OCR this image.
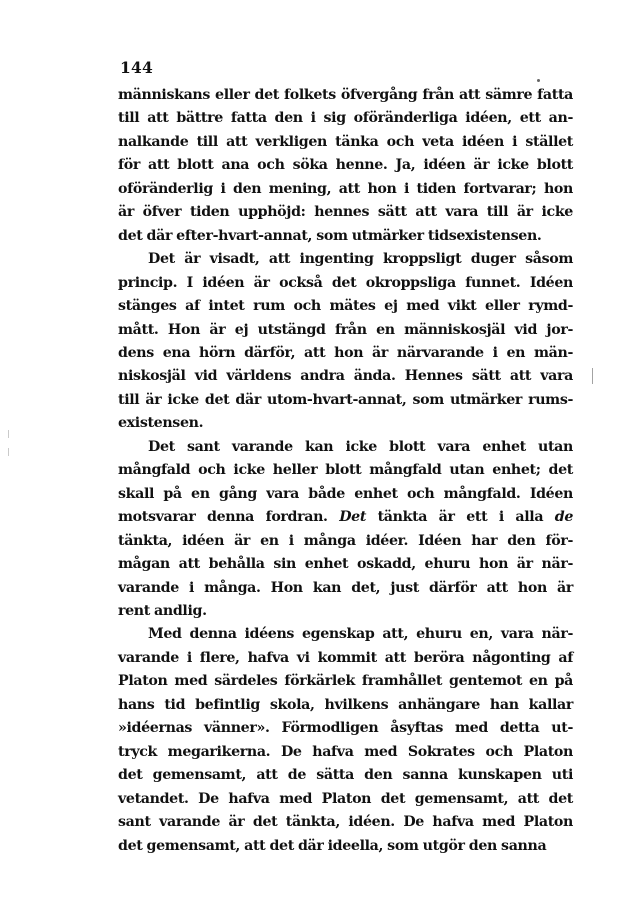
144
människans eller det folkets öfvergång från att sämre fatta
till att bättre fatta den i sig oföränderliga idéen, ett an-
nalkande till att verkligen tänka och veta idéen i stället
för att blott ana och söka henne. Ja, idéen är icke blott
oföränderlig i den mening, att hon i tiden fortvarar; hon
är öfver tiden upphöjd: hennes sätt att vara till är icke
det där efter-hvart-annat, som utmärker tidsexistensen.
Det är visadt, att ingenting kroppsligt duger såsom
princip. I idéen är också det okroppsliga funnet. Idéen
stänges af intet rum och mätes ej med vikt eller rymd-
mått. Hon är ej utstängd från en människosjäl vid jor-
dens ena hörn därför, att hon är närvarande i en män-
niskosjäl vid världens andra ända. Hennes sätt att vara
till är icke det där utom-hvart-annat, som utmärker rums-
existensen.
Det sant varande kan icke blott vara enhet utan
mångfald och icke heller blott mångfald utan enhet; det
skall på en gång vara både enhet och mångfald. Idéen
motsvarar denna fordran. Det tänkta är ett i alla de
tänkta, idéen är en i många idéer. Idéen har den för-
mågan att behålla sin enhet oskadd, ehuru hon är när-
varande i många. Hon kan det, just därför att hon är
rent andlig.
Med denna idéens egenskap att, ehuru en, vara när-
varande i flere, hafva vi kommit att beröra någonting af
Platon med särdeles förkärlek framhållet gentemot en på
hans tid befintlig skola, hvilkens anhängare han kallar
»idéernas vänner». Förmodligen åsyftas med detta ut-
tryck megarikerna. De hafva med Sokrates och Platon
det gemensamt, att de sätta den sanna kunskapen uti
vetandet. De hafva med Platon det gemensamt, att det
sant varande är det tänkta, idéen. De hafva med Platon
det gemensamt, att det där ideella, som utgör den sanna
